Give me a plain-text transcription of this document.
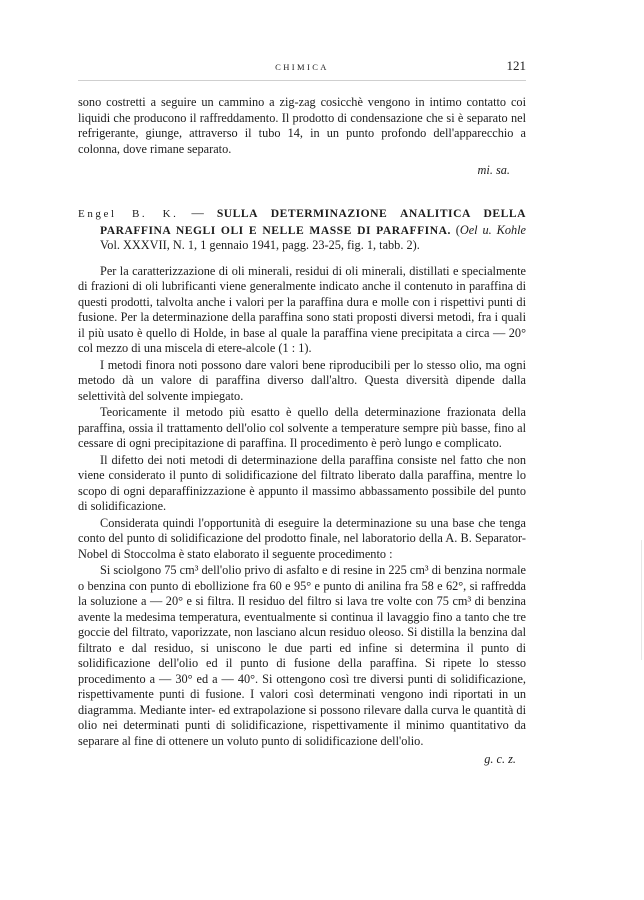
CHIMICA	121

sono costretti a seguire un cammino a zig-zag cosicchè vengono in intimo contatto coi liquidi che producono il raffreddamento. Il prodotto di condensazione che si è separato nel refrigerante, giunge, attraverso il tubo 14, in un punto profondo dell'apparecchio a colonna, dove rimane separato.

mi. sa.

Engel B. K. — SULLA DETERMINAZIONE ANALITICA DELLA PARAFFINA NEGLI OLI E NELLE MASSE DI PARAFFINA. (Oel u. Kohle Vol. XXXVII, N. 1, 1 gennaio 1941, pagg. 23-25, fig. 1, tabb. 2).

Per la caratterizzazione di oli minerali, residui di oli minerali, distillati e specialmente di frazioni di oli lubrificanti viene generalmente indicato anche il contenuto in paraffina di questi prodotti, talvolta anche i valori per la paraffina dura e molle con i rispettivi punti di fusione. Per la determinazione della paraffina sono stati proposti diversi metodi, fra i quali il più usato è quello di Holde, in base al quale la paraffina viene precipitata a circa — 20° col mezzo di una miscela di etere-alcole (1 : 1).

I metodi finora noti possono dare valori bene riproducibili per lo stesso olio, ma ogni metodo dà un valore di paraffina diverso dall'altro. Questa diversità dipende dalla selettività del solvente impiegato.

Teoricamente il metodo più esatto è quello della determinazione frazionata della paraffina, ossia il trattamento dell'olio col solvente a temperature sempre più basse, fino al cessare di ogni precipitazione di paraffina. Il procedimento è però lungo e complicato.

Il difetto dei noti metodi di determinazione della paraffina consiste nel fatto che non viene considerato il punto di solidificazione del filtrato liberato dalla paraffina, mentre lo scopo di ogni deparaffinizzazione è appunto il massimo abbassamento possibile del punto di solidificazione.

Considerata quindi l'opportunità di eseguire la determinazione su una base che tenga conto del punto di solidificazione del prodotto finale, nel laboratorio della A. B. Separator-Nobel di Stoccolma è stato elaborato il seguente procedimento :

Si sciolgono 75 cm³ dell'olio privo di asfalto e di resine in 225 cm³ di benzina normale o benzina con punto di ebollizione fra 60 e 95° e punto di anilina fra 58 e 62°, si raffredda la soluzione a — 20° e si filtra. Il residuo del filtro si lava tre volte con 75 cm³ di benzina avente la medesima temperatura, eventualmente si continua il lavaggio fino a tanto che tre goccie del filtrato, vaporizzate, non lasciano alcun residuo oleoso. Si distilla la benzina dal filtrato e dal residuo, si uniscono le due parti ed infine si determina il punto di solidificazione dell'olio ed il punto di fusione della paraffina. Si ripete lo stesso procedimento a — 30° ed a — 40°. Si ottengono così tre diversi punti di solidificazione, rispettivamente punti di fusione. I valori così determinati vengono indi riportati in un diagramma. Mediante inter- ed extrapolazione si possono rilevare dalla curva le quantità di olio nei determinati punti di solidificazione, rispettivamente il minimo quantitativo da separare al fine di ottenere un voluto punto di solidificazione dell'olio.

g. c. z.
